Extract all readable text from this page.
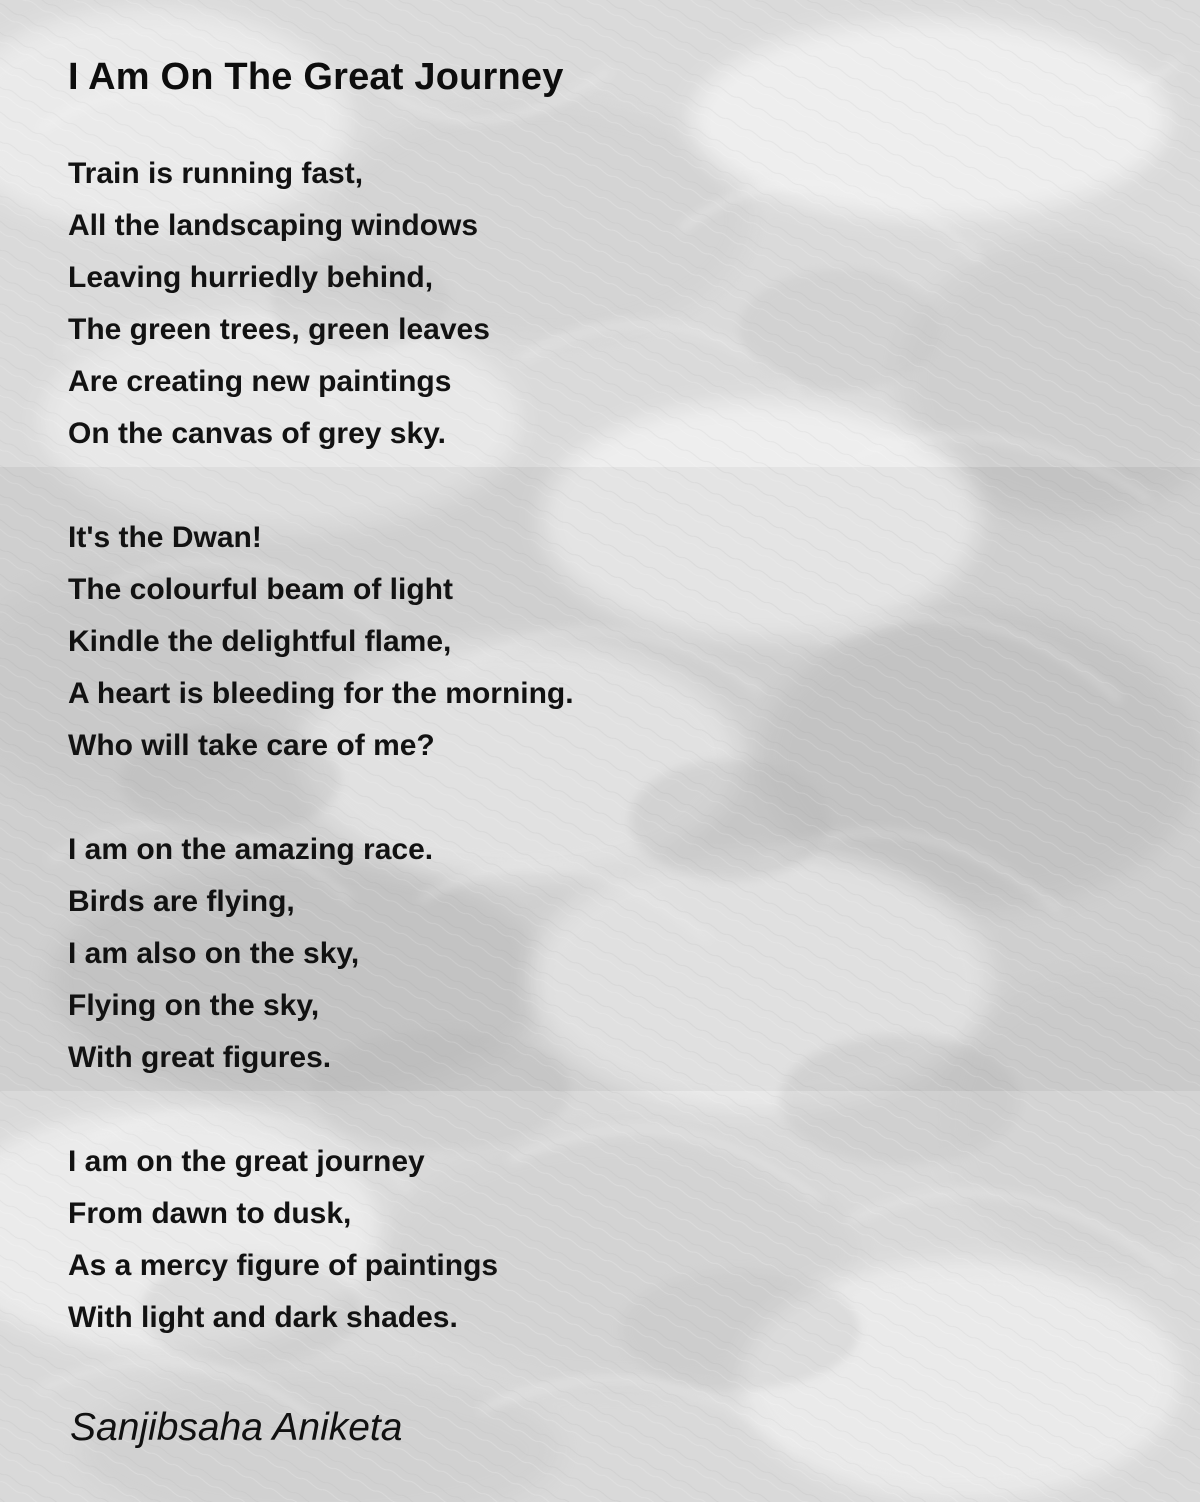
I Am On The Great Journey
Train is running fast,
All the landscaping windows
Leaving hurriedly behind,
The green trees, green leaves
Are creating new paintings
On the canvas of grey sky.
It's the Dwan!
The colourful beam of light
Kindle the delightful flame,
A heart is bleeding for the morning.
Who will take care of me?
I am on the amazing race.
Birds are flying,
I am also on the sky,
Flying on the sky,
With great figures.
I am on the great journey
From dawn to dusk,
As a mercy figure of paintings
With light and dark shades.
Sanjibsaha Aniketa
